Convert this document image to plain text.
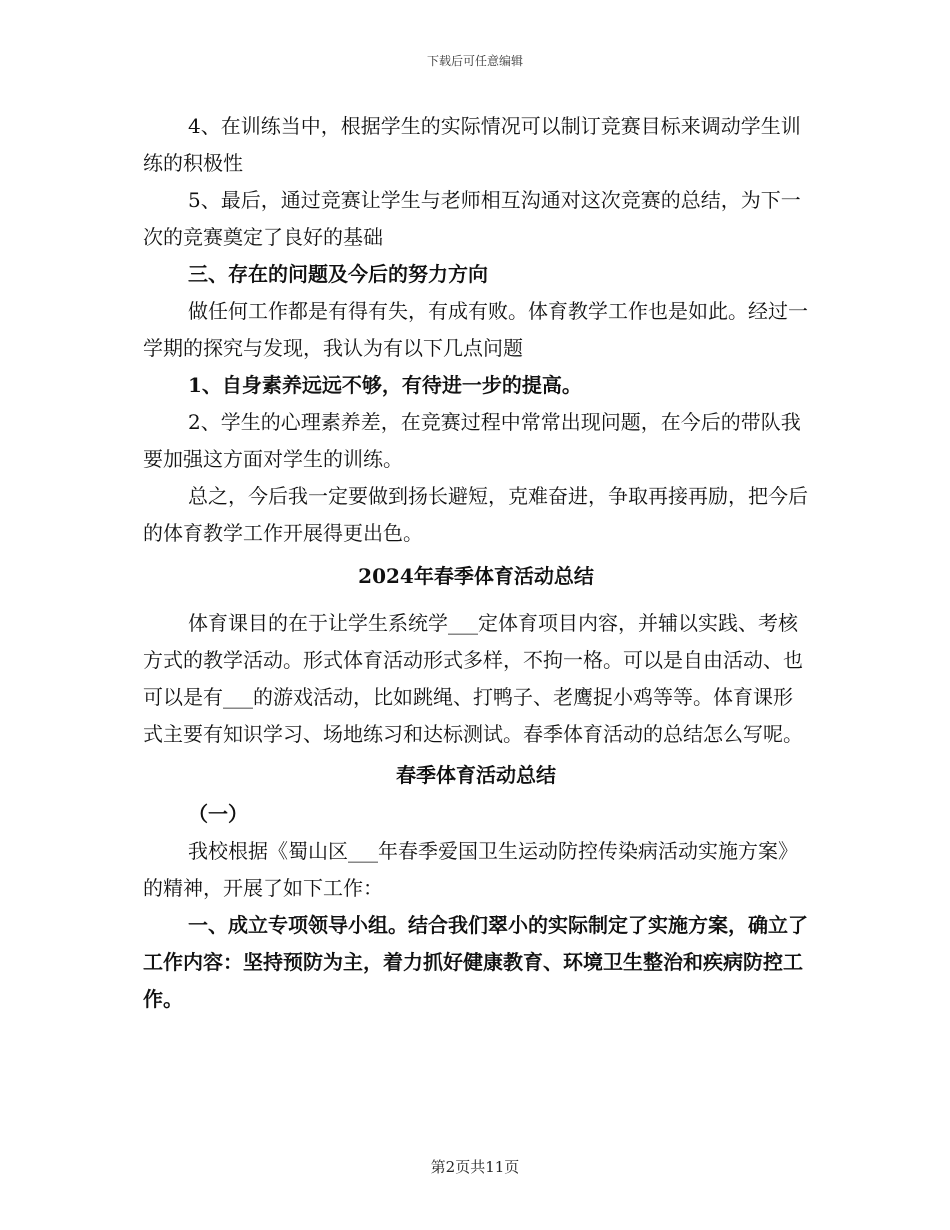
下载后可任意编辑

4、在训练当中，根据学生的实际情况可以制订竞赛目标来调动学生训练的积极性

5、最后，通过竞赛让学生与老师相互沟通对这次竞赛的总结，为下一次的竞赛奠定了良好的基础

三、存在的问题及今后的努力方向

做任何工作都是有得有失，有成有败。体育教学工作也是如此。经过一学期的探究与发现，我认为有以下几点问题

1、自身素养远远不够，有待进一步的提高。

2、学生的心理素养差，在竞赛过程中常常出现问题，在今后的带队我要加强这方面对学生的训练。

总之，今后我一定要做到扬长避短，克难奋进，争取再接再励，把今后的体育教学工作开展得更出色。

2024年春季体育活动总结

体育课目的在于让学生系统学___定体育项目内容，并辅以实践、考核方式的教学活动。形式体育活动形式多样，不拘一格。可以是自由活动、也可以是有___的游戏活动，比如跳绳、打鸭子、老鹰捉小鸡等等。体育课形式主要有知识学习、场地练习和达标测试。春季体育活动的总结怎么写呢。

春季体育活动总结

（一）

我校根据《蜀山区___年春季爱国卫生运动防控传染病活动实施方案》的精神，开展了如下工作：

一、成立专项领导小组。结合我们翠小的实际制定了实施方案，确立了工作内容：坚持预防为主，着力抓好健康教育、环境卫生整治和疾病防控工作。

第2页共11页
